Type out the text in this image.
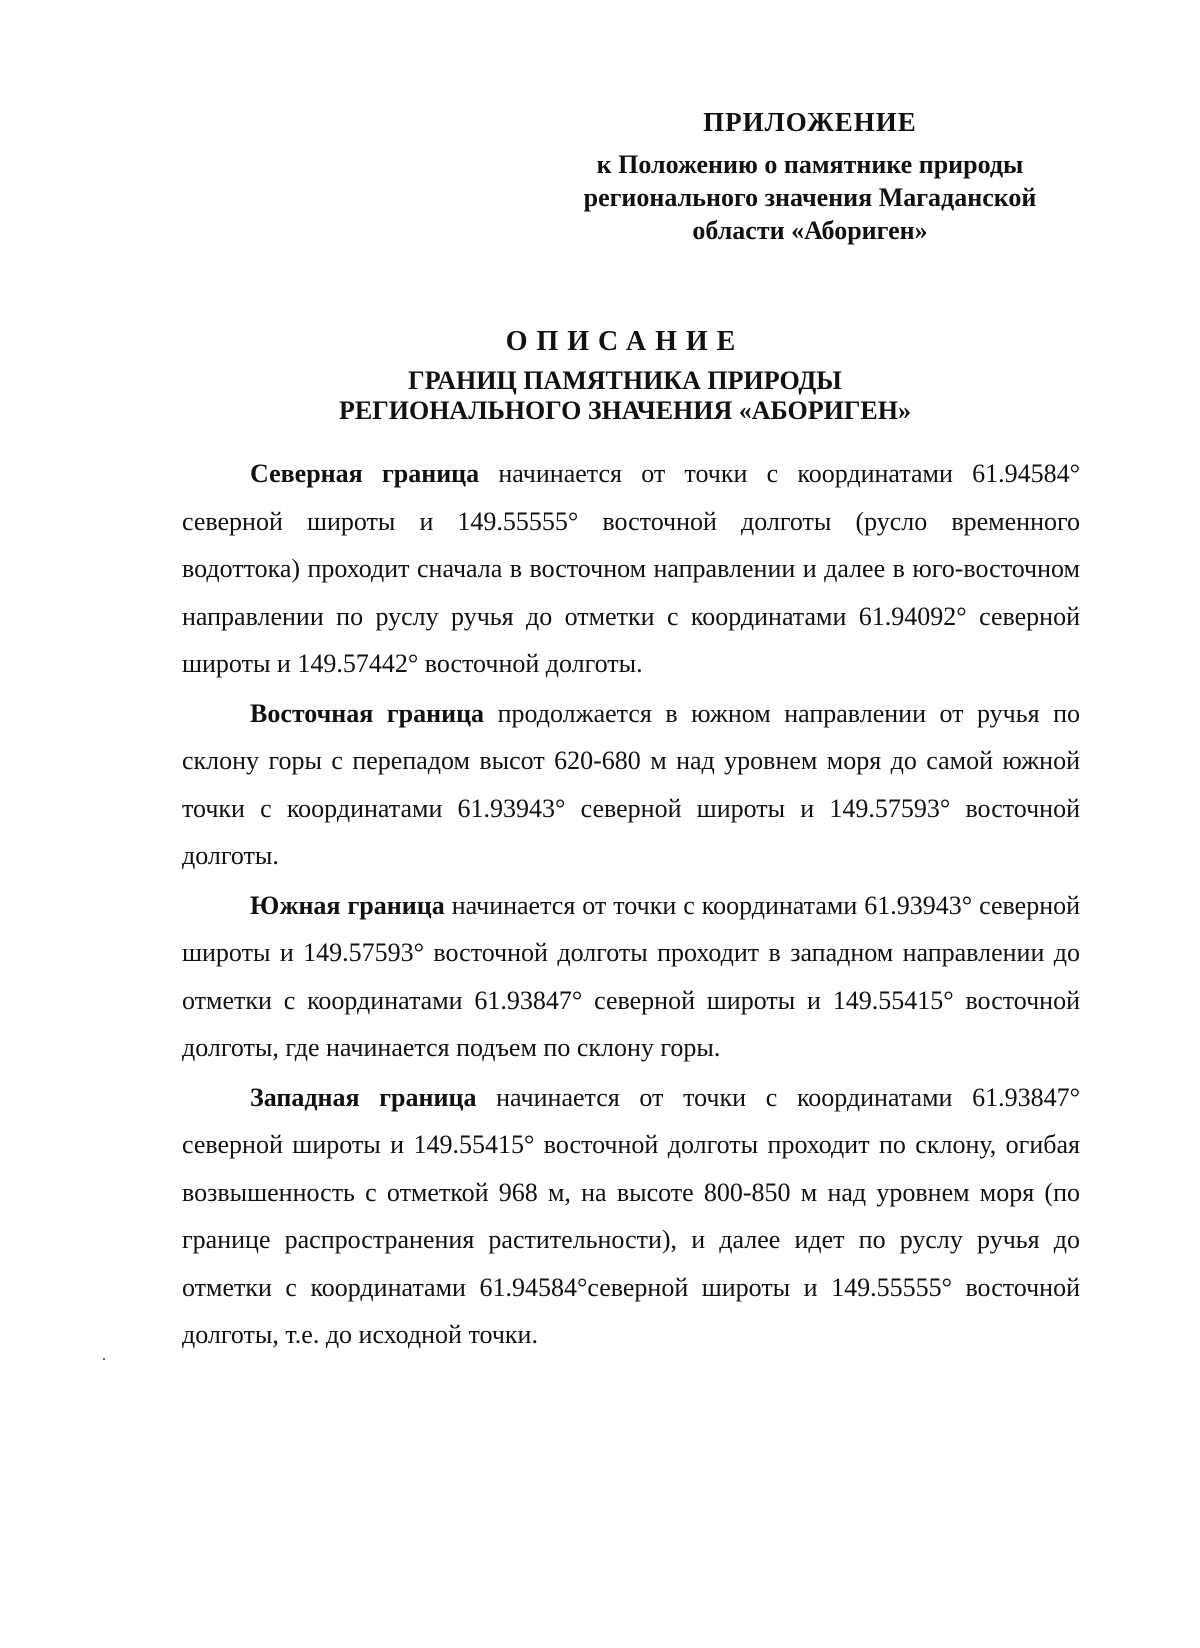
ПРИЛОЖЕНИЕ
к Положению о памятнике природы
регионального значения Магаданской
области «Абориген»
ОПИСАНИЕ
ГРАНИЦ ПАМЯТНИКА ПРИРОДЫ
РЕГИОНАЛЬНОГО ЗНАЧЕНИЯ «АБОРИГЕН»

Северная граница начинается от точки с координатами 61.94584° северной широты и 149.55555° восточной долготы (русло временного водоттока) проходит сначала в восточном направлении и далее в юго-восточном направлении по руслу ручья до отметки с координатами 61.94092° северной широты и 149.57442° восточной долготы.

Восточная граница продолжается в южном направлении от ручья по склону горы с перепадом высот 620-680 м над уровнем моря до самой южной точки с координатами 61.93943° северной широты и 149.57593° восточной долготы.

Южная граница начинается от точки с координатами 61.93943° северной широты и 149.57593° восточной долготы проходит в западном направлении до отметки с координатами 61.93847° северной широты и 149.55415° восточной долготы, где начинается подъем по склону горы.

Западная граница начинается от точки с координатами 61.93847° северной широты и 149.55415° восточной долготы проходит по склону, огибая возвышенность с отметкой 968 м, на высоте 800-850 м над уровнем моря (по границе распространения растительности), и далее идет по руслу ручья до отметки с координатами 61.94584°северной широты и 149.55555° восточной долготы, т.е. до исходной точки.
